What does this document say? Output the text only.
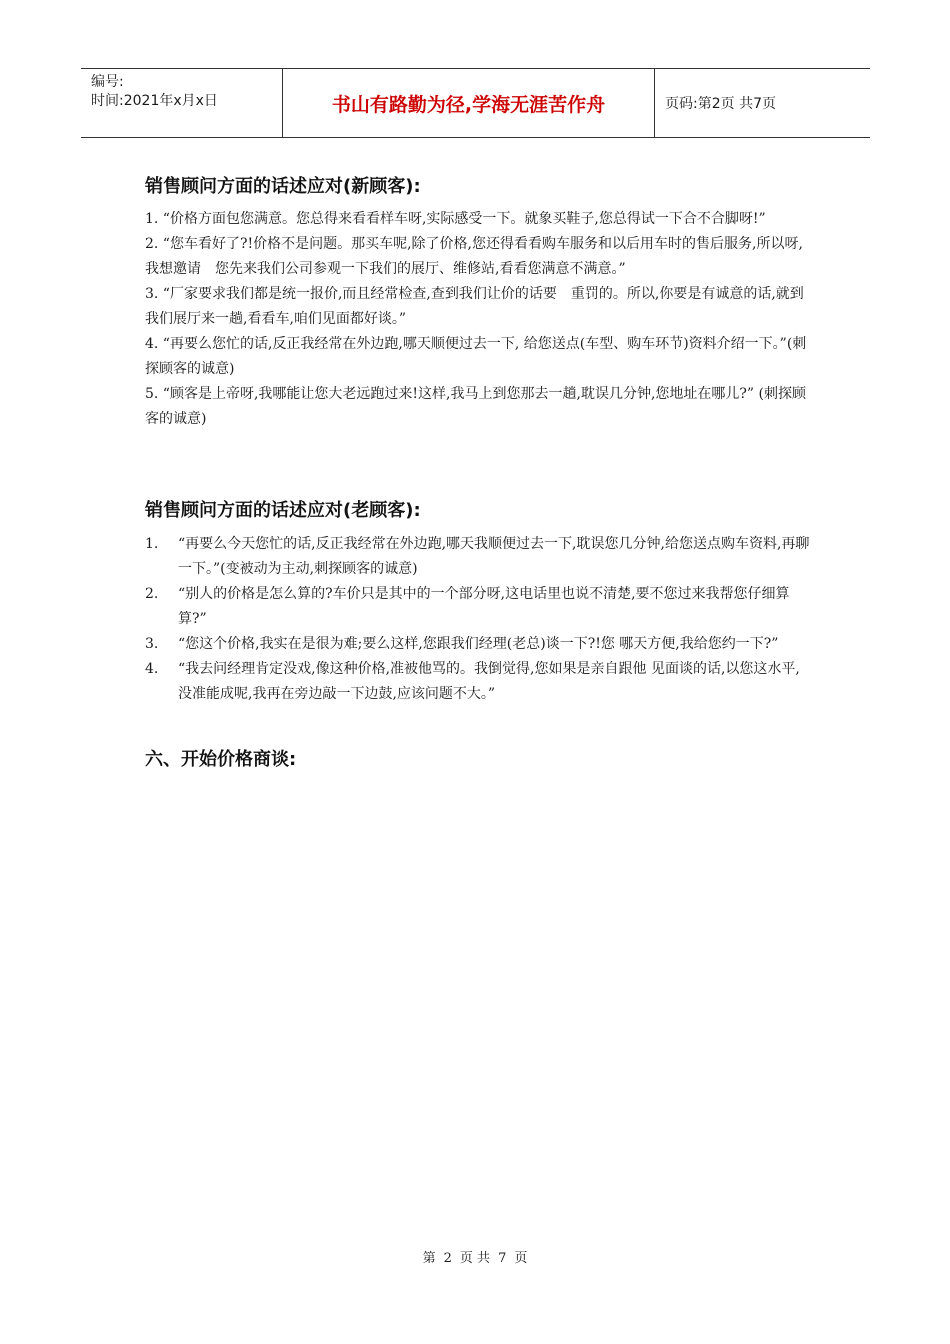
编号:
时间:2021年x月x日	书山有路勤为径,学海无涯苦作舟	页码:第2页 共7页
销售顾问方面的话述应对(新顾客):
1. “价格方面包您满意。您总得来看看样车呀,实际感受一下。就象买鞋子,您总得试一下合不合脚呀!”
2. “您车看好了?!价格不是问题。那买车呢,除了价格,您还得看看购车服务和以后用车时的售后服务,所以呀,我想邀请　您先来我们公司参观一下我们的展厅、维修站,看看您满意不满意。”
3. “厂家要求我们都是统一报价,而且经常检查,查到我们让价的话要　重罚的。所以,你要是有诚意的话,就到我们展厅来一趟,看看车,咱们见面都好谈。”
4. “再要么您忙的话,反正我经常在外边跑,哪天顺便过去一下, 给您送点(车型、购车环节)资料介绍一下。”(刺探顾客的诚意)
5. “顾客是上帝呀,我哪能让您大老远跑过来!这样,我马上到您那去一趟,耽误几分钟,您地址在哪儿?” (刺探顾客的诚意)
销售顾问方面的话述应对(老顾客):
1.	“再要么今天您忙的话,反正我经常在外边跑,哪天我顺便过去一下,耽误您几分钟,给您送点购车资料,再聊一下。”(变被动为主动,刺探顾客的诚意)
2.	“别人的价格是怎么算的?车价只是其中的一个部分呀,这电话里也说不清楚,要不您过来我帮您仔细算算?”
3.	“您这个价格,我实在是很为难;要么这样,您跟我们经理(老总)谈一下?!您 哪天方便,我给您约一下?”
4.	“我去问经理肯定没戏,像这种价格,准被他骂的。我倒觉得,您如果是亲自跟他 见面谈的话,以您这水平,没准能成呢,我再在旁边敲一下边鼓,应该问题不大。”
六、开始价格商谈:
第 2 页 共 7 页
